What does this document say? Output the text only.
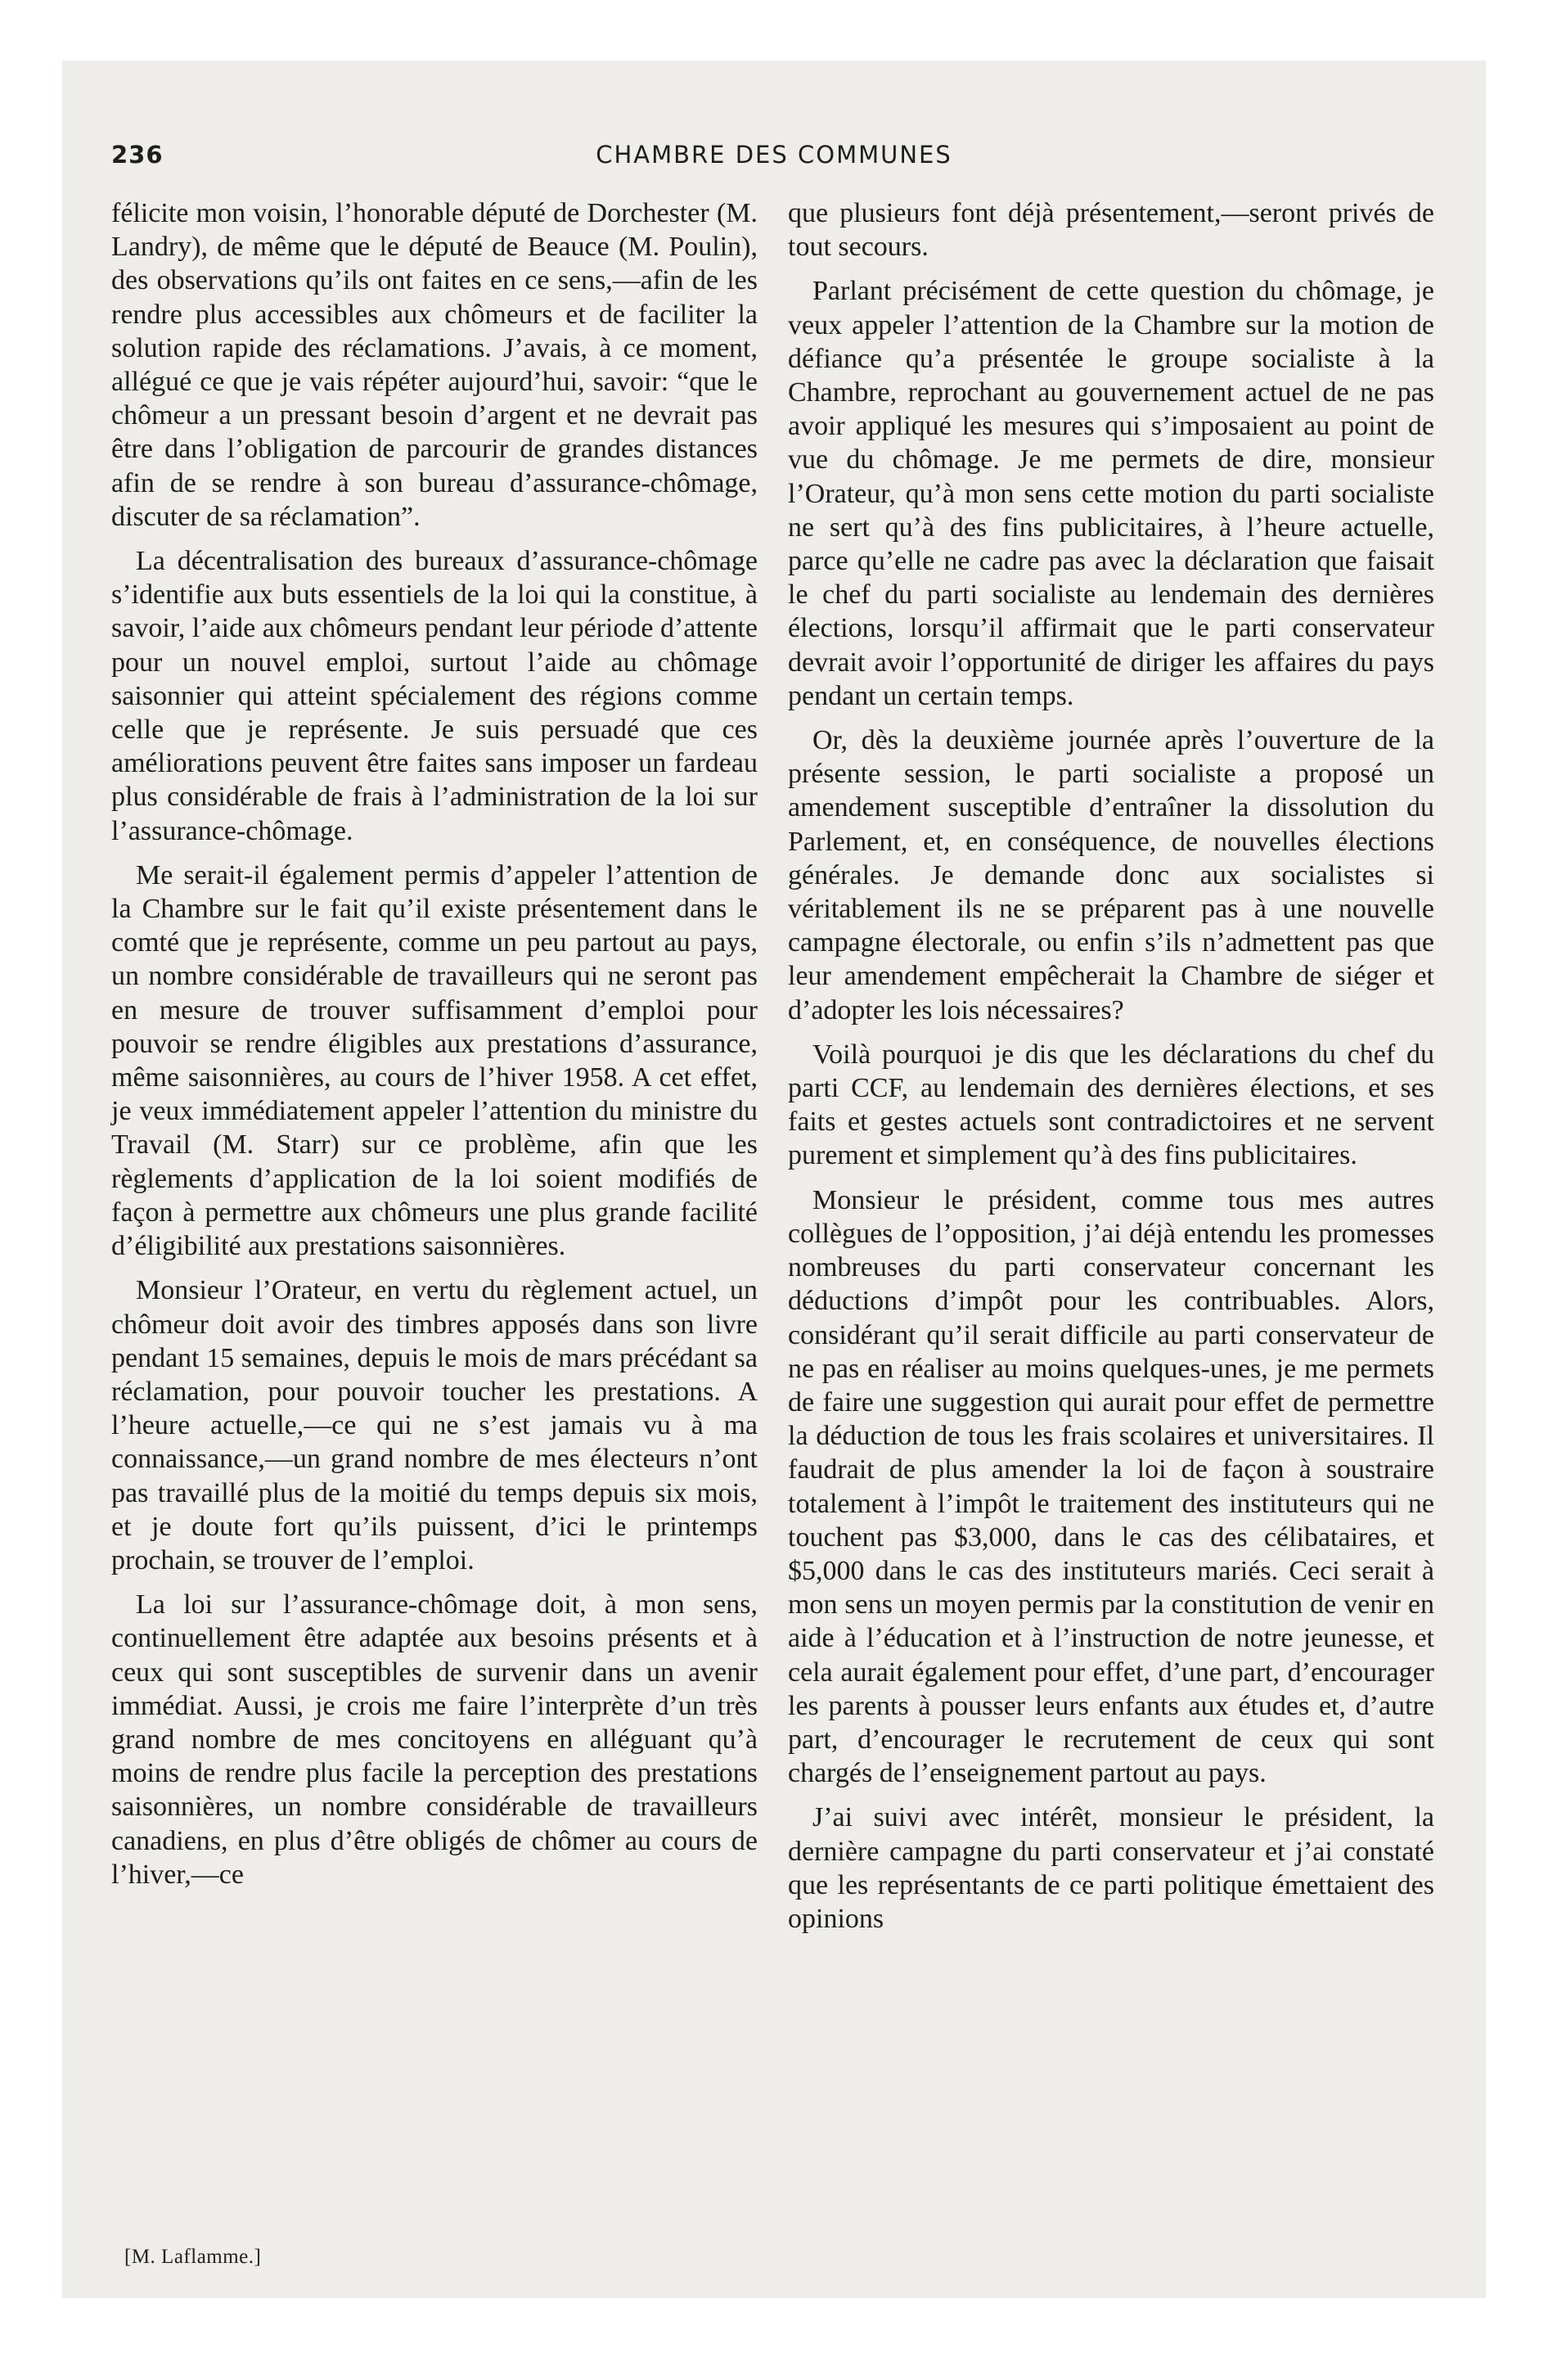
236	CHAMBRE DES COMMUNES

félicite mon voisin, l’honorable député de Dorchester (M. Landry), de même que le député de Beauce (M. Poulin), des observations qu’ils ont faites en ce sens,—afin de les rendre plus accessibles aux chômeurs et de faciliter la solution rapide des réclamations. J’avais, à ce moment, allégué ce que je vais répéter aujourd’hui, savoir: “que le chômeur a un pressant besoin d’argent et ne devrait pas être dans l’obligation de parcourir de grandes distances afin de se rendre à son bureau d’assurance-chômage, discuter de sa réclamation”.

La décentralisation des bureaux d’assurance-chômage s’identifie aux buts essentiels de la loi qui la constitue, à savoir, l’aide aux chômeurs pendant leur période d’attente pour un nouvel emploi, surtout l’aide au chômage saisonnier qui atteint spécialement des régions comme celle que je représente. Je suis persuadé que ces améliorations peuvent être faites sans imposer un fardeau plus considérable de frais à l’administration de la loi sur l’assurance-chômage.

Me serait-il également permis d’appeler l’attention de la Chambre sur le fait qu’il existe présentement dans le comté que je représente, comme un peu partout au pays, un nombre considérable de travailleurs qui ne seront pas en mesure de trouver suffisamment d’emploi pour pouvoir se rendre éligibles aux prestations d’assurance, même saisonnières, au cours de l’hiver 1958. A cet effet, je veux immédiatement appeler l’attention du ministre du Travail (M. Starr) sur ce problème, afin que les règlements d’application de la loi soient modifiés de façon à permettre aux chômeurs une plus grande facilité d’éligibilité aux prestations saisonnières.

Monsieur l’Orateur, en vertu du règlement actuel, un chômeur doit avoir des timbres apposés dans son livre pendant 15 semaines, depuis le mois de mars précédant sa réclamation, pour pouvoir toucher les prestations. A l’heure actuelle,—ce qui ne s’est jamais vu à ma connaissance,—un grand nombre de mes électeurs n’ont pas travaillé plus de la moitié du temps depuis six mois, et je doute fort qu’ils puissent, d’ici le printemps prochain, se trouver de l’emploi.

La loi sur l’assurance-chômage doit, à mon sens, continuellement être adaptée aux besoins présents et à ceux qui sont susceptibles de survenir dans un avenir immédiat. Aussi, je crois me faire l’interprète d’un très grand nombre de mes concitoyens en alléguant qu’à moins de rendre plus facile la perception des prestations saisonnières, un nombre considérable de travailleurs canadiens, en plus d’être obligés de chômer au cours de l’hiver,—ce

que plusieurs font déjà présentement,—seront privés de tout secours.

Parlant précisément de cette question du chômage, je veux appeler l’attention de la Chambre sur la motion de défiance qu’a présentée le groupe socialiste à la Chambre, reprochant au gouvernement actuel de ne pas avoir appliqué les mesures qui s’imposaient au point de vue du chômage. Je me permets de dire, monsieur l’Orateur, qu’à mon sens cette motion du parti socialiste ne sert qu’à des fins publicitaires, à l’heure actuelle, parce qu’elle ne cadre pas avec la déclaration que faisait le chef du parti socialiste au lendemain des dernières élections, lorsqu’il affirmait que le parti conservateur devrait avoir l’opportunité de diriger les affaires du pays pendant un certain temps.

Or, dès la deuxième journée après l’ouverture de la présente session, le parti socialiste a proposé un amendement susceptible d’entraîner la dissolution du Parlement, et, en conséquence, de nouvelles élections générales. Je demande donc aux socialistes si véritablement ils ne se préparent pas à une nouvelle campagne électorale, ou enfin s’ils n’admettent pas que leur amendement empêcherait la Chambre de siéger et d’adopter les lois nécessaires?

Voilà pourquoi je dis que les déclarations du chef du parti CCF, au lendemain des dernières élections, et ses faits et gestes actuels sont contradictoires et ne servent purement et simplement qu’à des fins publicitaires.

Monsieur le président, comme tous mes autres collègues de l’opposition, j’ai déjà entendu les promesses nombreuses du parti conservateur concernant les déductions d’impôt pour les contribuables. Alors, considérant qu’il serait difficile au parti conservateur de ne pas en réaliser au moins quelques-unes, je me permets de faire une suggestion qui aurait pour effet de permettre la déduction de tous les frais scolaires et universitaires. Il faudrait de plus amender la loi de façon à soustraire totalement à l’impôt le traitement des instituteurs qui ne touchent pas $3,000, dans le cas des célibataires, et $5,000 dans le cas des instituteurs mariés. Ceci serait à mon sens un moyen permis par la constitution de venir en aide à l’éducation et à l’instruction de notre jeunesse, et cela aurait également pour effet, d’une part, d’encourager les parents à pousser leurs enfants aux études et, d’autre part, d’encourager le recrutement de ceux qui sont chargés de l’enseignement partout au pays.

J’ai suivi avec intérêt, monsieur le président, la dernière campagne du parti conservateur et j’ai constaté que les représentants de ce parti politique émettaient des opinions

[M. Laflamme.]
